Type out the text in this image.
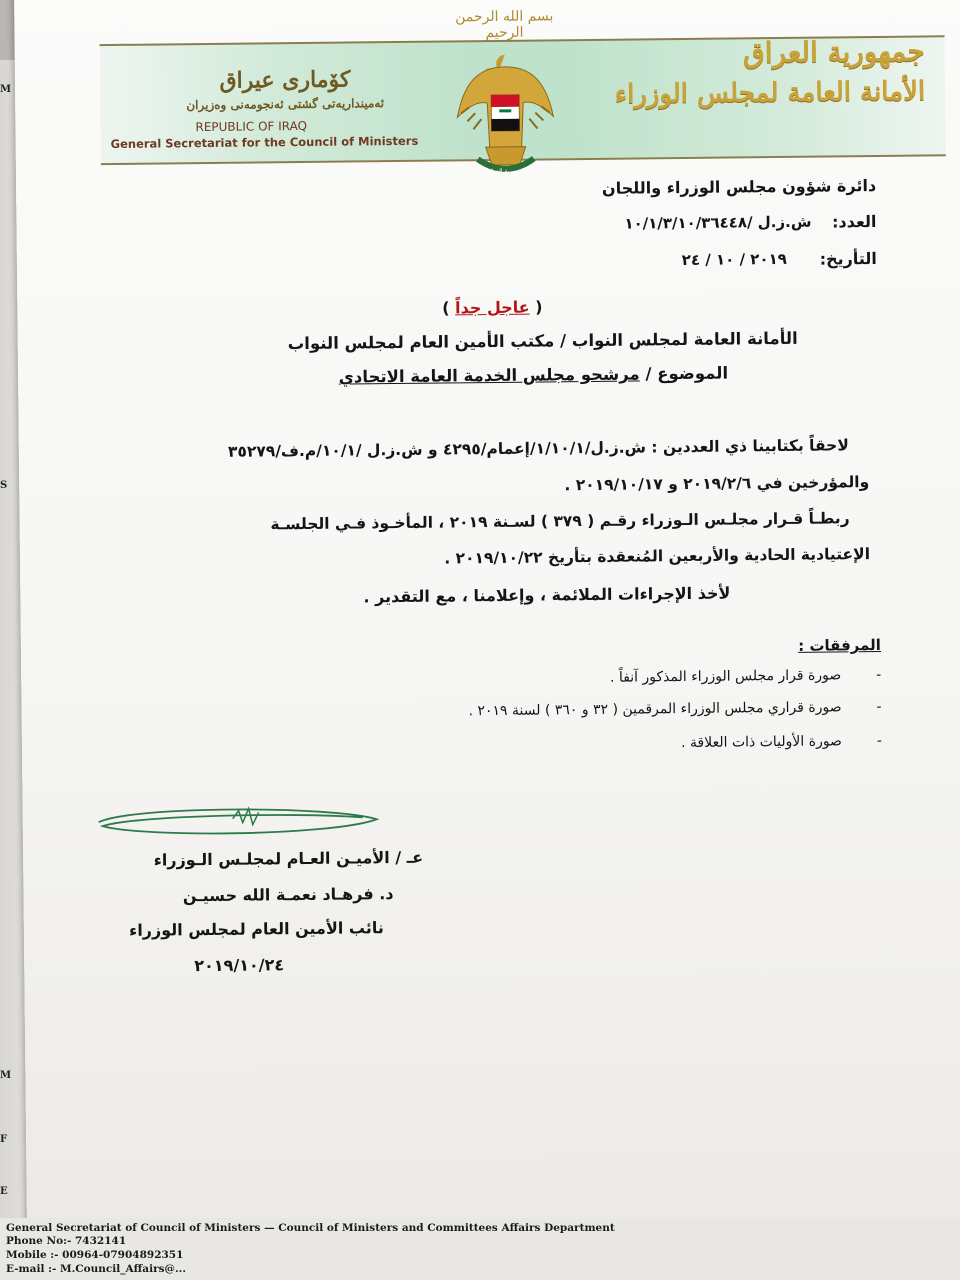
M
S
M
F
E
بسم الله الرحمن الرحيم
جمهورية العراق
جمهورية العراق
الأمانة العامة لمجلس الوزراء
كۆماری عیراق
ئەمینداریەتی گشتی ئەنجومەنی وەزیران
REPUBLIC OF IRAQ
General Secretariat for the Council of Ministers
دائرة شؤون مجلس الوزراء واللجان
العدد:
ش.ز.ل /١٠/١/٣/١٠/٣٦٤٤٨
التأريخ:
٢٠١٩ / ١٠ / ٢٤
( عاجل جداً )
الأمانة العامة لمجلس النواب / مكتب الأمين العام لمجلس النواب
الموضوع / مرشحو مجلس الخدمة العامة الاتحادي
لاحقاً بكتابينا ذي العددين : ش.ز.ل/١/١٠/١/إعمام/٤٢٩٥ و ش.ز.ل /١٠/١/م.ف/٣٥٢٧٩
والمؤرخين في ٢٠١٩/٢/٦ و ٢٠١٩/١٠/١٧ .
ربطـاً قـرار مجلـس الـوزراء رقـم ( ٣٧٩ ) لسـنة ٢٠١٩ ، المأخـوذ فـي الجلسـة
الإعتيادية الحادية والأربعين المُنعقدة بتأريخ ٢٠١٩/١٠/٢٢ .
لأخذ الإجراءات الملائمة ، وإعلامنا ، مع التقدير .
المرفقات :
-
صورة قرار مجلس الوزراء المذكور آنفاً .
-
صورة قراري مجلس الوزراء المرقمين ( ٣٢ و ٣٦٠ ) لسنة ٢٠١٩ .
-
صورة الأوليات ذات العلاقة .
عـ / الأميـن العـام لمجلـس الـوزراء
د. فرهـاد نعمـة الله حسيـن
نائب الأمين العام لمجلس الوزراء
٢٠١٩/١٠/٢٤
General Secretariat of Council of Ministers — Council of Ministers and Committees Affairs Department
Phone No:- 7432141
Mobile :- 00964-07904892351
E-mail :- M.Council_Affairs@...
